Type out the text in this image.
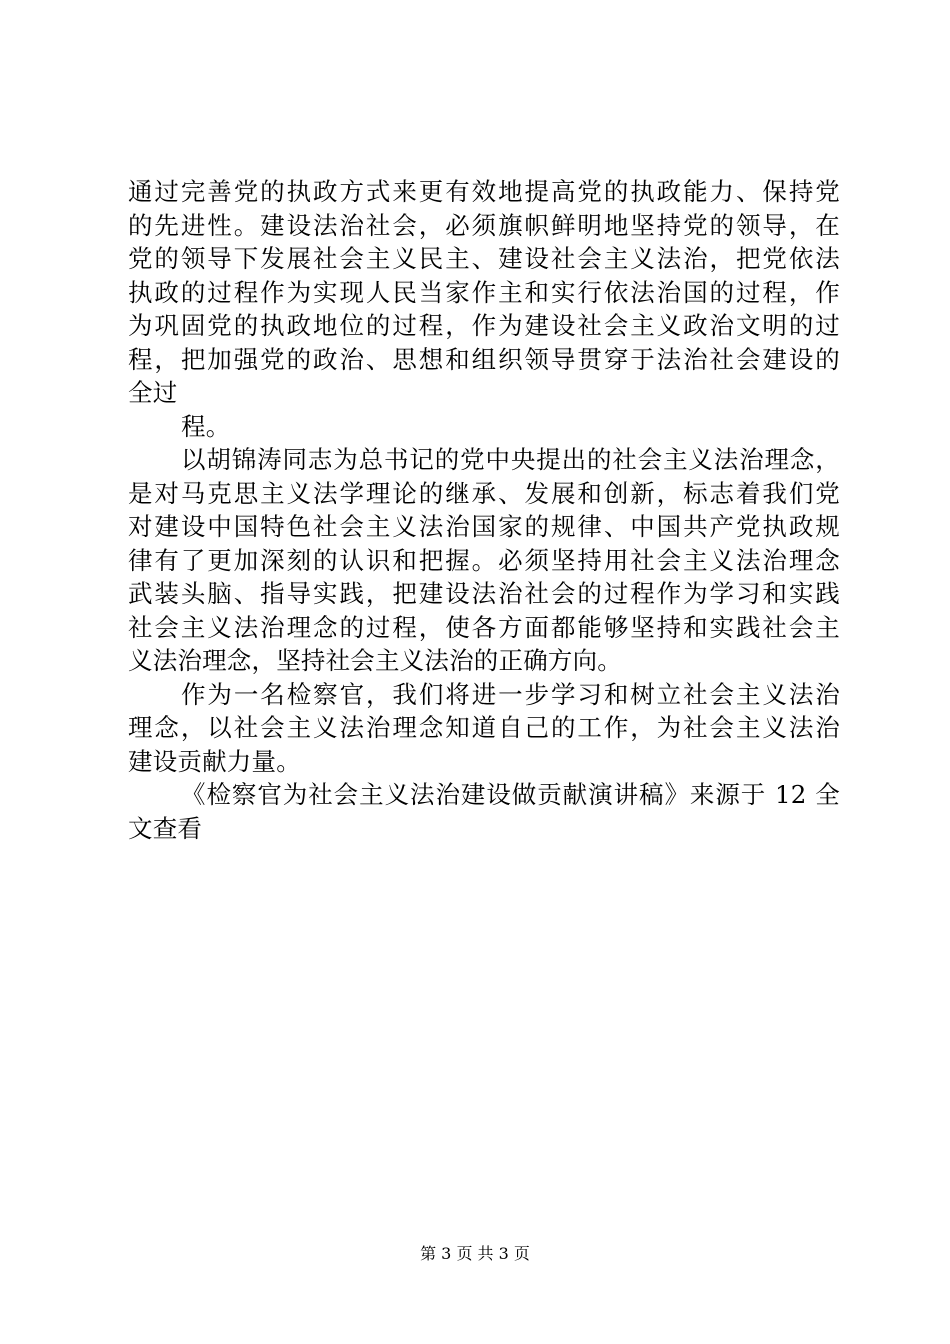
通过完善党的执政方式来更有效地提高党的执政能力、保持党
的先进性。建设法治社会，必须旗帜鲜明地坚持党的领导，在
党的领导下发展社会主义民主、建设社会主义法治，把党依法
执政的过程作为实现人民当家作主和实行依法治国的过程，作
为巩固党的执政地位的过程，作为建设社会主义政治文明的过
程，把加强党的政治、思想和组织领导贯穿于法治社会建设的
全过
程。
以胡锦涛同志为总书记的党中央提出的社会主义法治理念，
是对马克思主义法学理论的继承、发展和创新，标志着我们党
对建设中国特色社会主义法治国家的规律、中国共产党执政规
律有了更加深刻的认识和把握。必须坚持用社会主义法治理念
武装头脑、指导实践，把建设法治社会的过程作为学习和实践
社会主义法治理念的过程，使各方面都能够坚持和实践社会主
义法治理念，坚持社会主义法治的正确方向。
作为一名检察官，我们将进一步学习和树立社会主义法治
理念，以社会主义法治理念知道自己的工作，为社会主义法治
建设贡献力量。
《检察官为社会主义法治建设做贡献演讲稿》来源于 12 全
文查看
第 3 页 共 3 页
